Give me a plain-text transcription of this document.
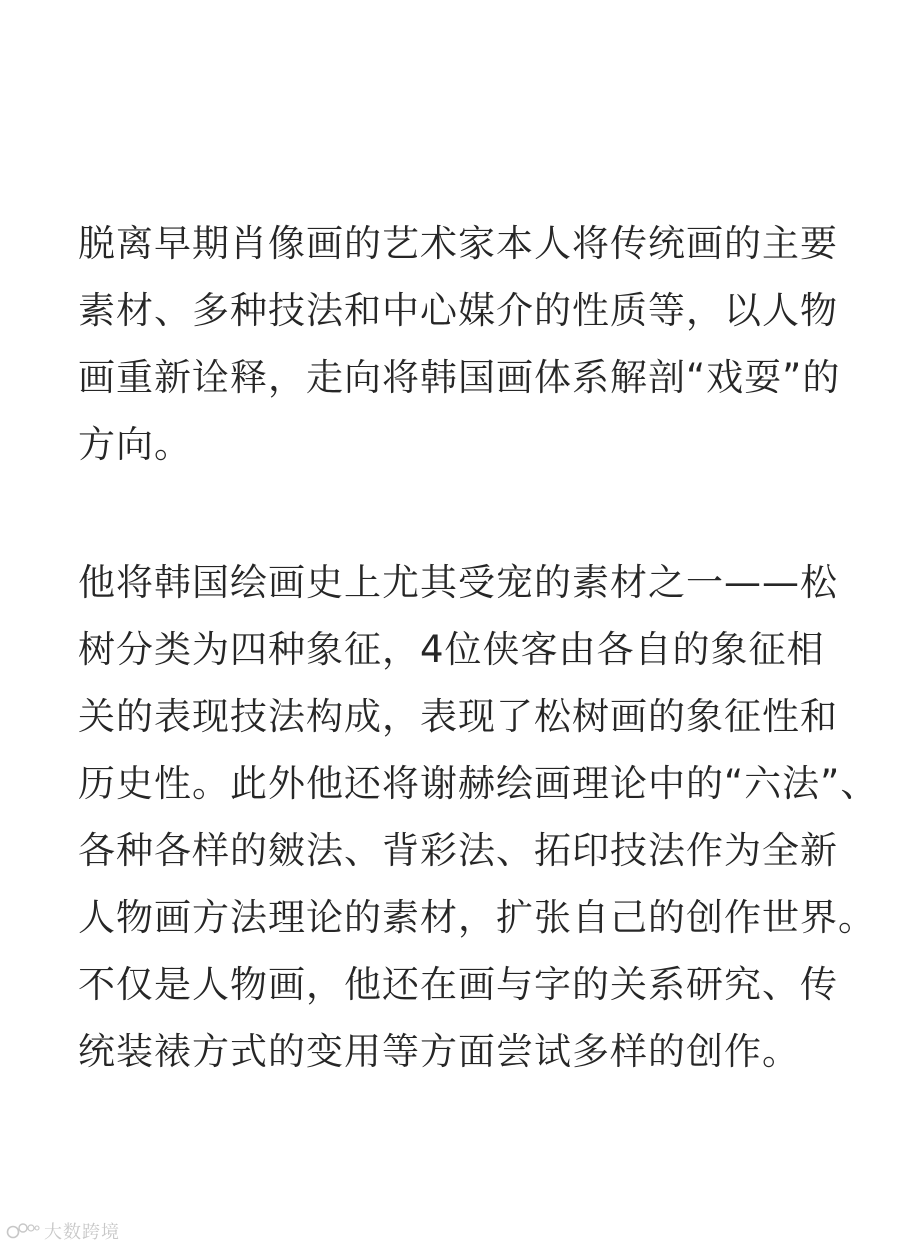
脱离早期肖像画的艺术家本人将传统画的主要
素材、多种技法和中心媒介的性质等，以人物
画重新诠释，走向将韩国画体系解剖“戏耍”的
方向。

他将韩国绘画史上尤其受宠的素材之一——松
树分类为四种象征，4位侠客由各自的象征相
关的表现技法构成，表现了松树画的象征性和
历史性。此外他还将谢赫绘画理论中的“六法”、
各种各样的皴法、背彩法、拓印技法作为全新
人物画方法理论的素材，扩张自己的创作世界。
不仅是人物画，他还在画与字的关系研究、传
统装裱方式的变用等方面尝试多样的创作。

大数跨境
